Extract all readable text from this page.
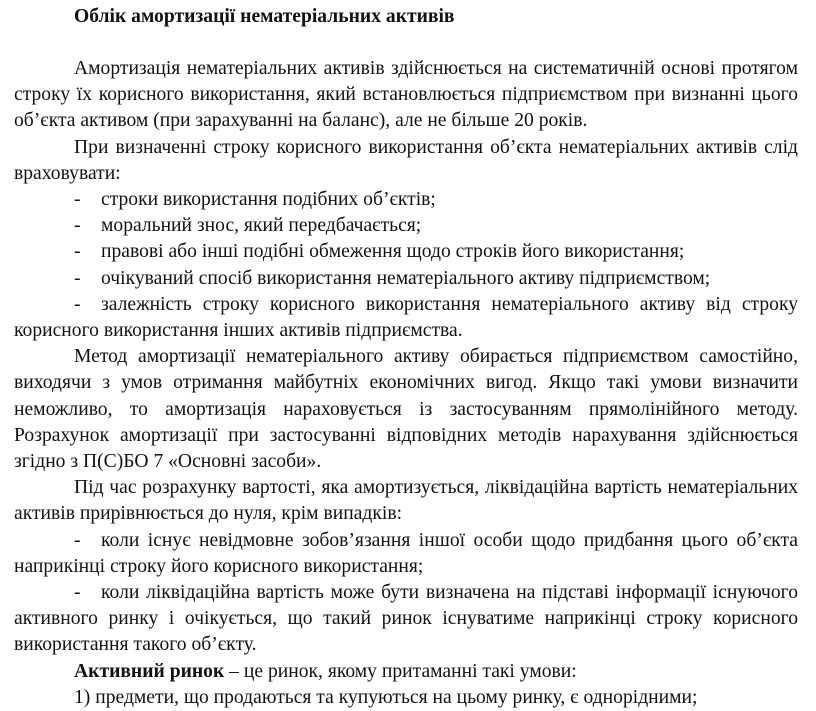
Облік амортизації нематеріальних активів

Амортизація нематеріальних активів здійснюється на систематичній основі протягом строку їх корисного використання, який встановлюється підприємством при визнанні цього об’єкта активом (при зарахуванні на баланс), але не більше 20 років.

При визначенні строку корисного використання об’єкта нематеріальних активів слід враховувати:

- строки використання подібних об’єктів;

- моральний знос, який передбачається;

- правові або інші подібні обмеження щодо строків його використання;

- очікуваний спосіб використання нематеріального активу підприємством;

- залежність строку корисного використання нематеріального активу від строку корисного використання інших активів підприємства.

Метод амортизації нематеріального активу обирається підприємством самостійно, виходячи з умов отримання майбутніх економічних вигод. Якщо такі умови визначити неможливо, то амортизація нараховується із застосуванням прямолінійного методу. Розрахунок амортизації при застосуванні відповідних методів нарахування здійснюється згідно з П(С)БО 7 «Основні засоби».

Під час розрахунку вартості, яка амортизується, ліквідаційна вартість нематеріальних активів прирівнюється до нуля, крім випадків:

- коли існує невідмовне зобов’язання іншої особи щодо придбання цього об’єкта наприкінці строку його корисного використання;

- коли ліквідаційна вартість може бути визначена на підставі інформації існуючого активного ринку і очікується, що такий ринок існуватиме наприкінці строку корисного використання такого об’єкту.

Активний ринок – це ринок, якому притаманні такі умови:

1) предмети, що продаються та купуються на цьому ринку, є однорідними;
